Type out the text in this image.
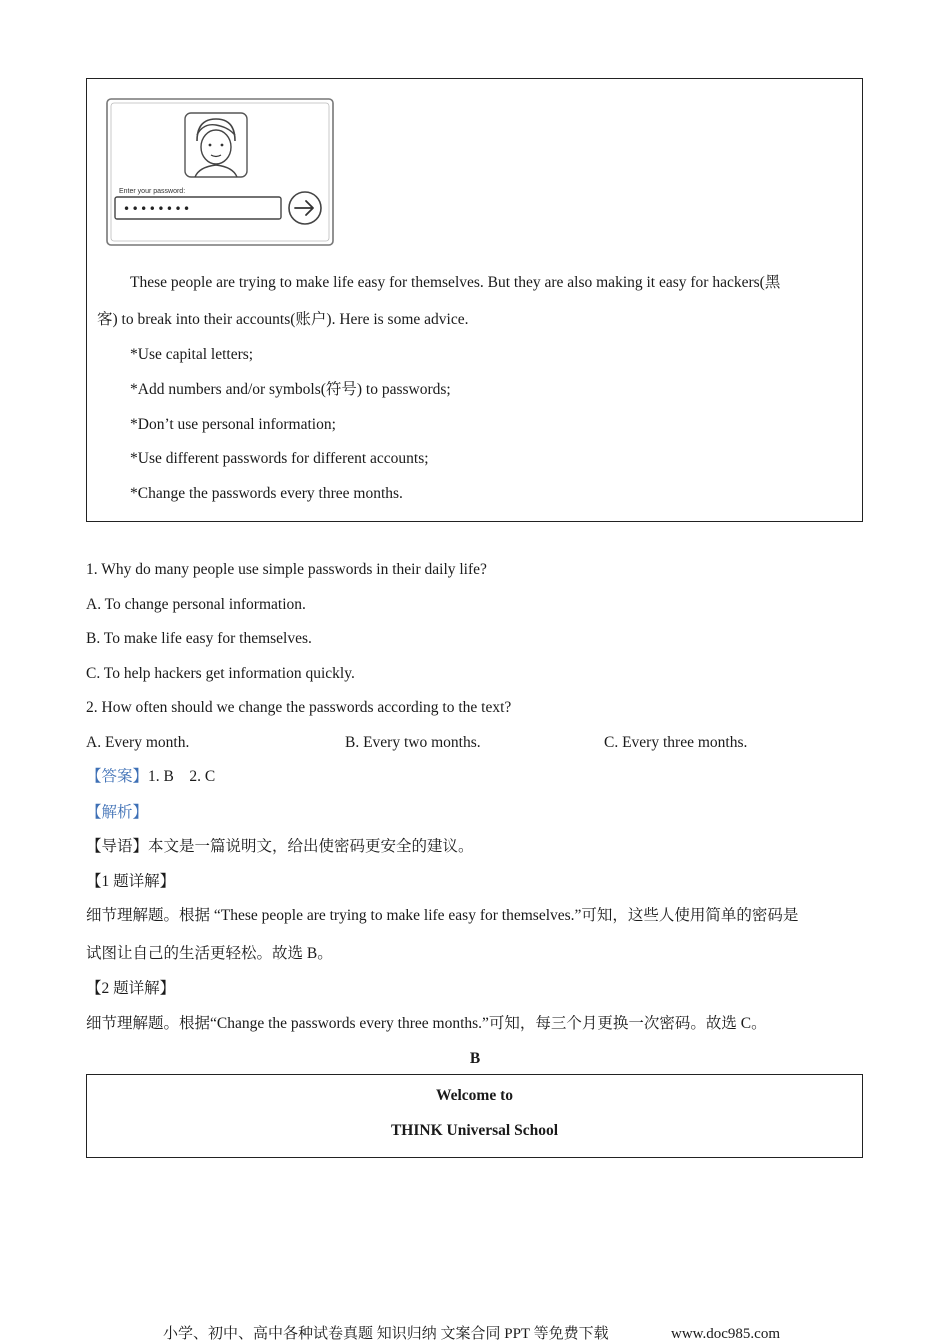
Enter your password:
••••••••
These people are trying to make life easy for themselves. But they are also making it easy for hackers(黑
客) to break into their accounts(账户). Here is some advice.
*Use capital letters;
*Add numbers and/or symbols(符号) to passwords;
*Don’t use personal information;
*Use different passwords for different accounts;
*Change the passwords every three months.
1. Why do many people use simple passwords in their daily life?
A. To change personal information.
B. To make life easy for themselves.
C. To help hackers get information quickly.
2. How often should we change the passwords according to the text?
A. Every month.	B. Every two months.	C. Every three months.
【答案】1. B    2. C
【解析】
【导语】本文是一篇说明文，给出使密码更安全的建议。
【1 题详解】
细节理解题。根据 “These people are trying to make life easy for themselves.”可知，这些人使用简单的密码是
试图让自己的生活更轻松。故选 B。
【2 题详解】
细节理解题。根据“Change the passwords every three months.”可知，每三个月更换一次密码。故选 C。
B
Welcome to
THINK Universal School
小学、初中、高中各种试卷真题 知识归纳 文案合同 PPT 等免费下载	www.doc985.com
